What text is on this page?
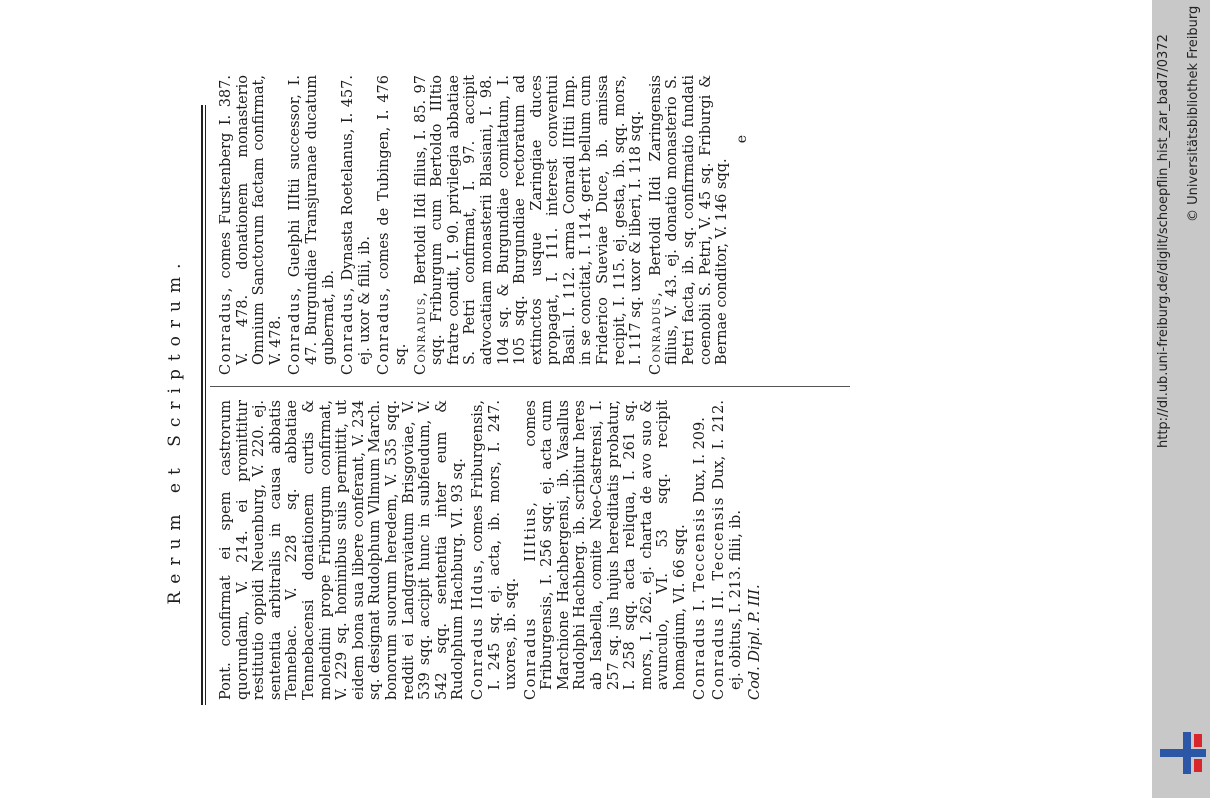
Rerum et Scriptorum.	Pont. confirmat ei spem castrorum quorundam, V. 214. ei promittitur restitutio oppidi Neuenburg, V. 220. ej. sententia arbitralis in causa abbatis Tennebac. V. 228 sq. abbatiae Tennebacensi donationem curtis & molendini prope Friburgum confirmat, V. 229 sq. hominibus suis permittit, ut eidem bona sua libere conferant, V. 234 sq. designat Rudolphum Vllmum March. bonorum suorum heredem, V. 535 sqq. reddit ei Landgraviatum Brisgoviae, V. 539 sqq. accipit hunc in subfeudum, V. 542 sqq. sententia inter eum & Rudolphum Hachburg. VI. 93 sq. Conradus IIdus, comes Friburgensis, I. 245 sq. ej. acta, ib. mors, I. 247. uxores, ib. sqq. Conradus IIItius, comes Friburgensis, I. 256 sqq. ej. acta cum Marchione Hachbergensi, ib. Vasallus Rudolphi Hachberg. ib. scribitur heres ab Isabella, comite Neo-Castrensi, I. 257 sq. jus hujus hereditatis probatur, I. 258 sqq. acta reliqua, I. 261 sq. mors, I. 262. ej. charta de avo suo & avunculo, VI. 53 sqq. recipit homagium, VI. 66 sqq. Conradus I. Teccensis Dux, I. 209.
Conradus II. Teccensis Dux, I. 212. ej. obitus, I. 213. filii, ib. Cod. Dipl. P. III.
Conradus, comes Furstenberg I. 387. V. 478. donationem monasterio Omnium Sanctorum factam confirmat, V. 478. Conradus, Guelphi IIItii successor, I. 47. Burgundiae Transjuranae ducatum gubernat, ib. Conradus, Dynasta Roetelanus, I. 457. ej. uxor & filii, ib. Conradus, comes de Tubingen, I. 476 sq. Conradus, Bertoldi IIdi filius, I. 85. 97 sqq. Friburgum cum Bertoldo IIItio fratre condit, I. 90. privilegia abbatiae S. Petri confirmat, I. 97. accipit advocatiam monasterii Blasiani, I. 98. 104 sq. & Burgundiae comitatum, I. 105 sqq. Burgundiae rectoratum ad extinctos usque Zaringiae duces propagat, I. 111. interest conventui Basil. I. 112. arma Conradi IIItii Imp. in se concitat, I. 114. gerit bellum cum Friderico Sueviae Duce, ib. amissa recipit, I. 115. ej. gesta, ib. sqq. mors, I. 117 sq. uxor & liberi, I. 118 sqq. Conradus, Bertoldi IIdi Zaringensis filius, V. 43. ej. donatio monasterio S. Petri facta, ib. sq. confirmatio fundati coenobii S. Petri, V. 45 sq. Friburgi & Bernae conditor, V. 146 sqq.
e	http://dl.ub.uni-freiburg.de/diglit/schoepflin_hist_zar_bad7/0372 © Universitätsbibliothek Freiburg
